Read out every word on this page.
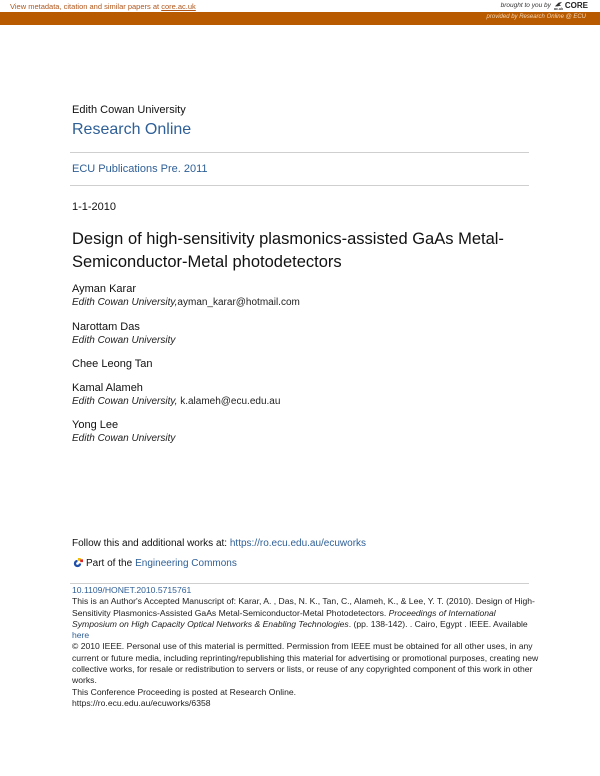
View metadata, citation and similar papers at core.ac.uk	brought to you by
ac.uk CORE
provided by Research Online @ ECU
Edith Cowan University
Research Online
ECU Publications Pre. 2011
1-1-2010
Design of high-sensitivity plasmonics-assisted GaAs Metal-Semiconductor-Metal photodetectors
Ayman Karar
Edith Cowan University,ayman_karar@hotmail.com
Narottam Das
Edith Cowan University
Chee Leong Tan
Kamal Alameh
Edith Cowan University, k.alameh@ecu.edu.au
Yong Lee
Edith Cowan University
Follow this and additional works at: https://ro.ecu.edu.au/ecuworks
Part of the Engineering Commons
10.1109/HONET.2010.5715761
This is an Author's Accepted Manuscript of: Karar, A. , Das, N. K., Tan, C., Alameh, K., & Lee, Y. T. (2010). Design of High-Sensitivity Plasmonics-Assisted GaAs Metal-Semiconductor-Metal Photodetectors. Proceedings of International Symposium on High Capacity Optical Networks & Enabling Technologies. (pp. 138-142). . Cairo, Egypt . IEEE. Available here
© 2010 IEEE. Personal use of this material is permitted. Permission from IEEE must be obtained for all other uses, in any current or future media, including reprinting/republishing this material for advertising or promotional purposes, creating new collective works, for resale or redistribution to servers or lists, or reuse of any copyrighted component of this work in other works.
This Conference Proceeding is posted at Research Online.
https://ro.ecu.edu.au/ecuworks/6358
